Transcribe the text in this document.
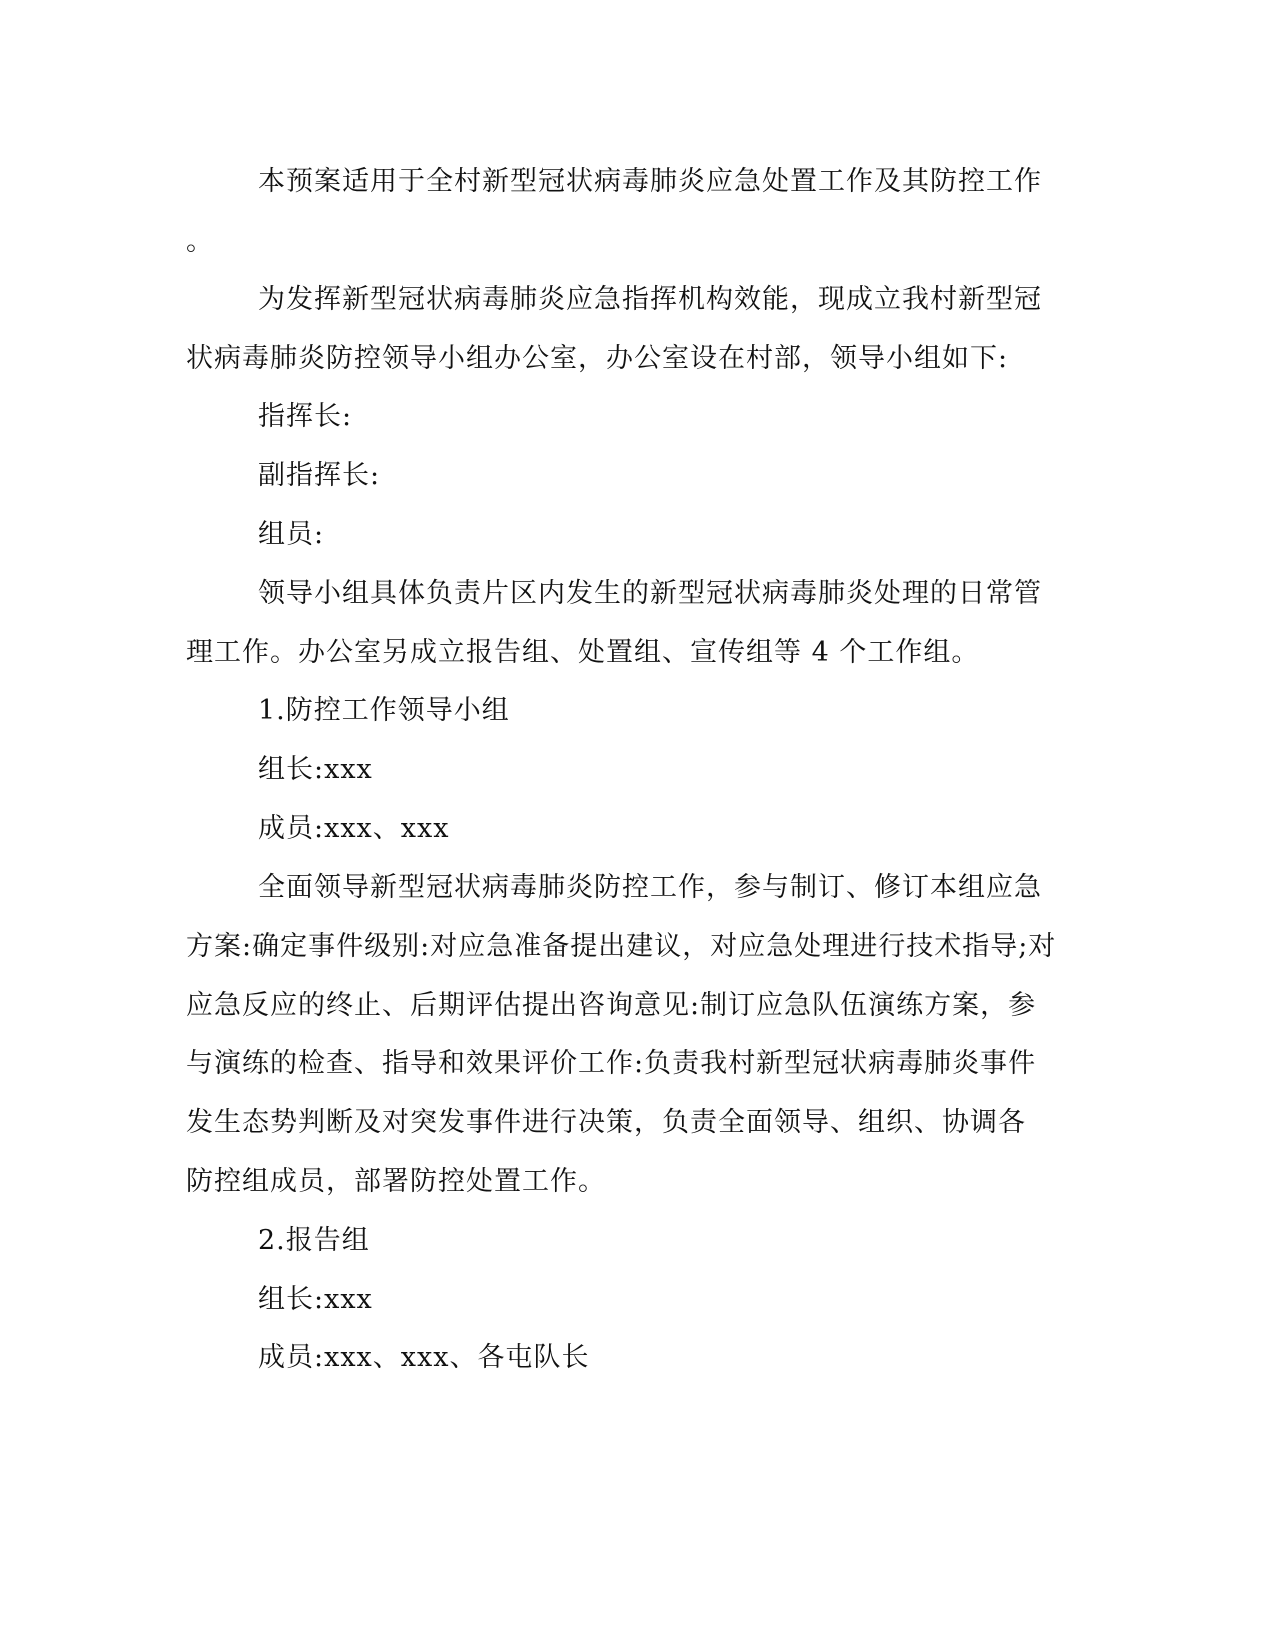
本预案适用于全村新型冠状病毒肺炎应急处置工作及其防控工作
。
为发挥新型冠状病毒肺炎应急指挥机构效能，现成立我村新型冠
状病毒肺炎防控领导小组办公室，办公室设在村部，领导小组如下:
指挥长:
副指挥长:
组员:
领导小组具体负责片区内发生的新型冠状病毒肺炎处理的日常管
理工作。办公室另成立报告组、处置组、宣传组等 4 个工作组。
1.防控工作领导小组
组长:xxx
成员:xxx、xxx
全面领导新型冠状病毒肺炎防控工作，参与制订、修订本组应急
方案:确定事件级别:对应急准备提出建议，对应急处理进行技术指导;对
应急反应的终止、后期评估提出咨询意见:制订应急队伍演练方案，参
与演练的检查、指导和效果评价工作:负责我村新型冠状病毒肺炎事件
发生态势判断及对突发事件进行决策，负责全面领导、组织、协调各
防控组成员，部署防控处置工作。
2.报告组
组长:xxx
成员:xxx、xxx、各屯队长
